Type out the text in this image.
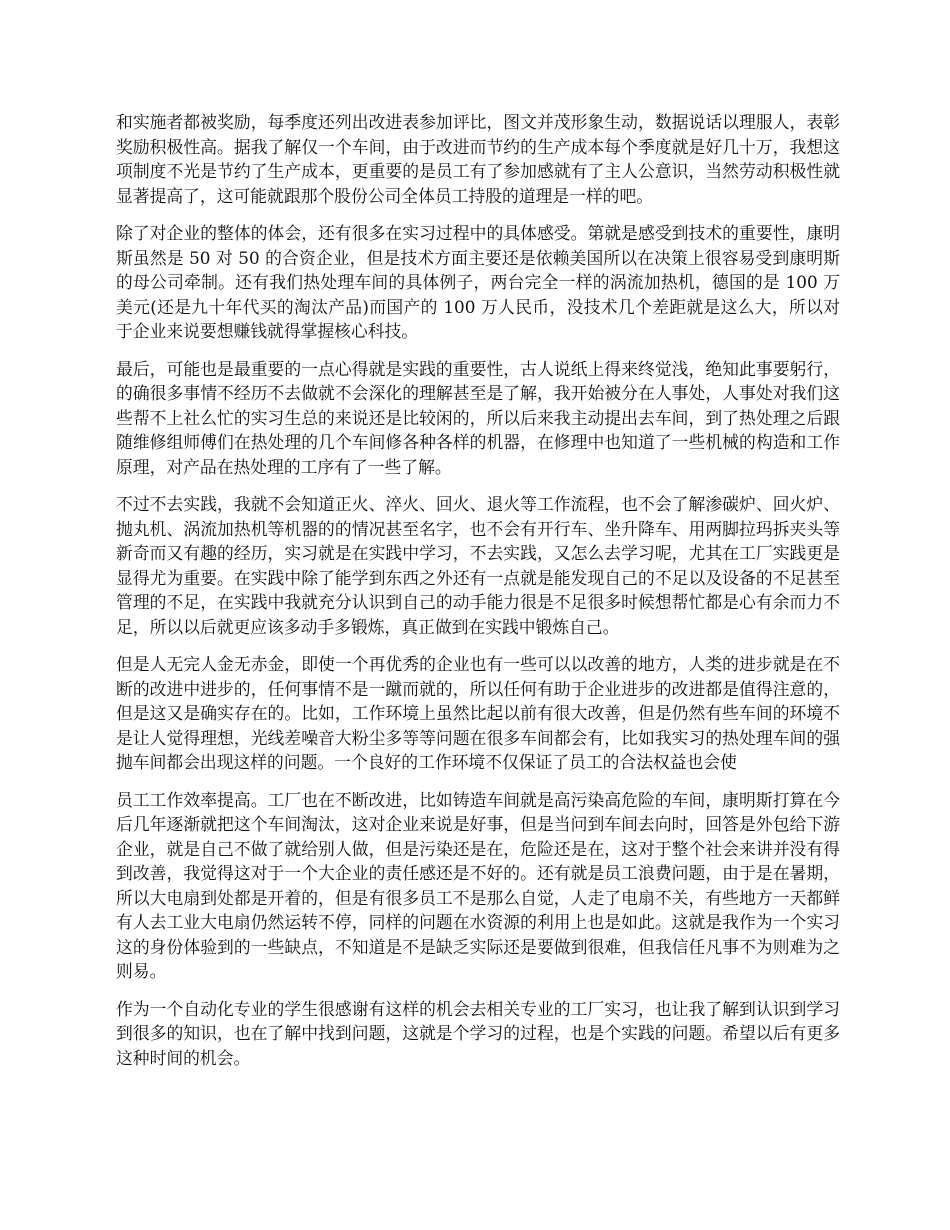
和实施者都被奖励，每季度还列出改进表参加评比，图文并茂形象生动，数据说话以理服人，表彰奖励积极性高。据我了解仅一个车间，由于改进而节约的生产成本每个季度就是好几十万，我想这项制度不光是节约了生产成本，更重要的是员工有了参加感就有了主人公意识，当然劳动积极性就显著提高了，这可能就跟那个股份公司全体员工持股的道理是一样的吧。

除了对企业的整体的体会，还有很多在实习过程中的具体感受。第就是感受到技术的重要性，康明斯虽然是 50 对 50 的合资企业，但是技术方面主要还是依赖美国所以在决策上很容易受到康明斯的母公司牵制。还有我们热处理车间的具体例子，两台完全一样的涡流加热机，德国的是 100 万美元(还是九十年代买的淘汰产品)而国产的 100 万人民币，没技术几个差距就是这么大，所以对于企业来说要想赚钱就得掌握核心科技。

最后，可能也是最重要的一点心得就是实践的重要性，古人说纸上得来终觉浅，绝知此事要躬行，的确很多事情不经历不去做就不会深化的理解甚至是了解，我开始被分在人事处，人事处对我们这些帮不上社么忙的实习生总的来说还是比较闲的，所以后来我主动提出去车间，到了热处理之后跟随维修组师傅们在热处理的几个车间修各种各样的机器，在修理中也知道了一些机械的构造和工作原理，对产品在热处理的工序有了一些了解。

不过不去实践，我就不会知道正火、淬火、回火、退火等工作流程，也不会了解渗碳炉、回火炉、抛丸机、涡流加热机等机器的的情况甚至名字，也不会有开行车、坐升降车、用两脚拉玛拆夹头等新奇而又有趣的经历，实习就是在实践中学习，不去实践，又怎么去学习呢，尤其在工厂实践更是显得尤为重要。在实践中除了能学到东西之外还有一点就是能发现自己的不足以及设备的不足甚至管理的不足，在实践中我就充分认识到自己的动手能力很是不足很多时候想帮忙都是心有余而力不足，所以以后就更应该多动手多锻炼，真正做到在实践中锻炼自己。

但是人无完人金无赤金，即使一个再优秀的企业也有一些可以以改善的地方，人类的进步就是在不断的改进中进步的，任何事情不是一蹴而就的，所以任何有助于企业进步的改进都是值得注意的，但是这又是确实存在的。比如，工作环境上虽然比起以前有很大改善，但是仍然有些车间的环境不是让人觉得理想，光线差噪音大粉尘多等等问题在很多车间都会有，比如我实习的热处理车间的强抛车间都会出现这样的问题。一个良好的工作环境不仅保证了员工的合法权益也会使

员工工作效率提高。工厂也在不断改进，比如铸造车间就是高污染高危险的车间，康明斯打算在今后几年逐渐就把这个车间淘汰，这对企业来说是好事，但是当问到车间去向时，回答是外包给下游企业，就是自己不做了就给别人做，但是污染还是在，危险还是在，这对于整个社会来讲并没有得到改善，我觉得这对于一个大企业的责任感还是不好的。还有就是员工浪费问题，由于是在暑期，所以大电扇到处都是开着的，但是有很多员工不是那么自觉，人走了电扇不关，有些地方一天都鲜有人去工业大电扇仍然运转不停，同样的问题在水资源的利用上也是如此。这就是我作为一个实习这的身份体验到的一些缺点，不知道是不是缺乏实际还是要做到很难，但我信任凡事不为则难为之则易。

作为一个自动化专业的学生很感谢有这样的机会去相关专业的工厂实习，也让我了解到认识到学习到很多的知识，也在了解中找到问题，这就是个学习的过程，也是个实践的问题。希望以后有更多这种时间的机会。
